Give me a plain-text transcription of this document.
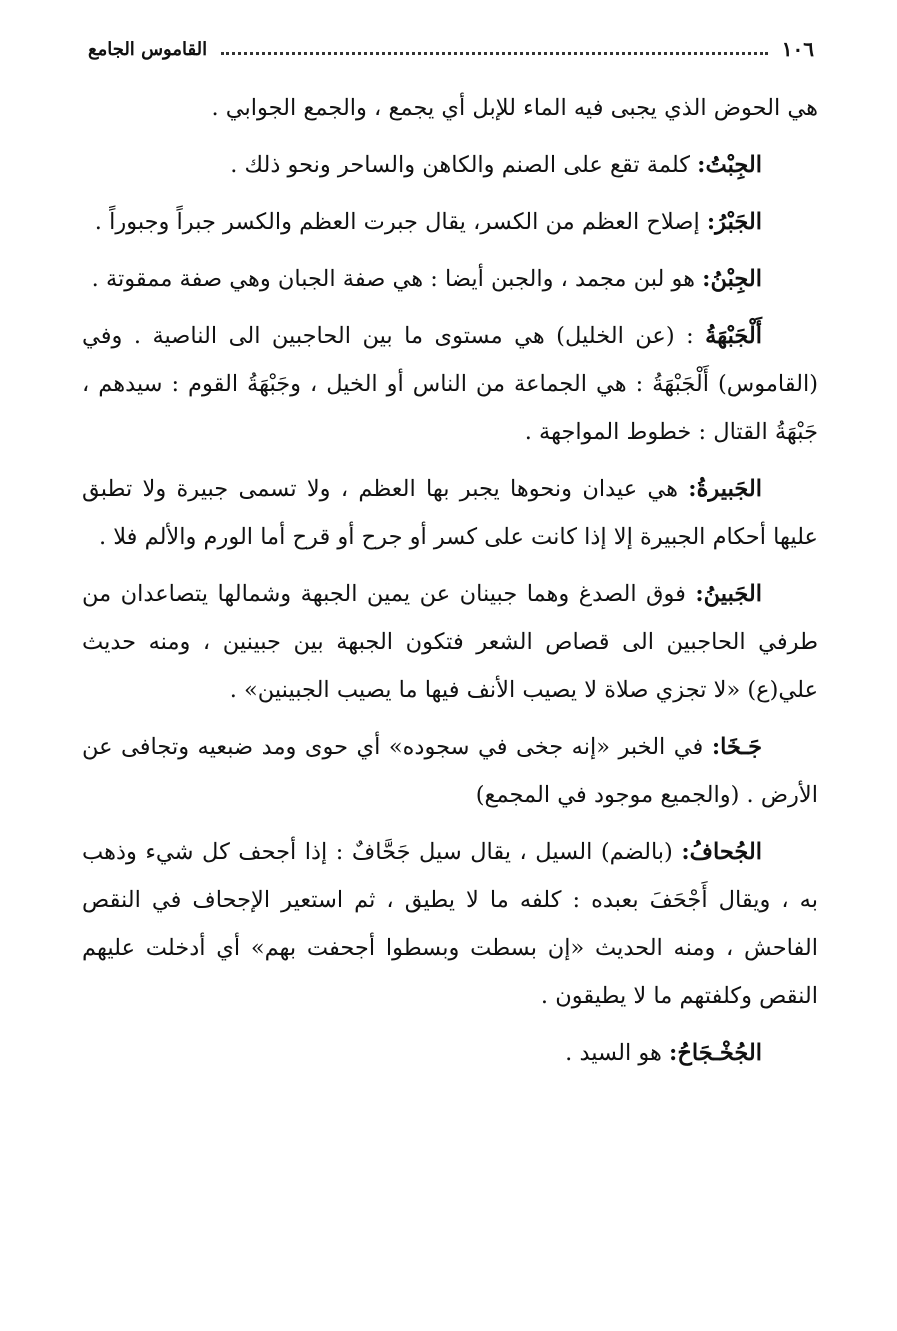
١٠٦
القاموس الجامع

هي الحوض الذي يجبى فيه الماء للإبل أي يجمع ، والجمع الجوابي .

الجِبْتُ: كلمة تقع على الصنم والكاهن والساحر ونحو ذلك .

الجَبْرُ: إصلاح العظم من الكسر، يقال جبرت العظم والكسر جبراً وجبوراً .

الجِبْنُ: هو لبن مجمد ، والجبن أيضا : هي صفة الجبان وهي صفة ممقوتة .

أَلْجَبْهَةُ : (عن الخليل) هي مستوى ما بين الحاجبين الى الناصية . وفي (القاموس) أَلْجَبْهَةُ : هي الجماعة من الناس أو الخيل ، وجَبْهَةُ القوم : سيدهم ، جَبْهَةُ القتال : خطوط المواجهة .

الجَبيرةُ: هي عيدان ونحوها يجبر بها العظم ، ولا تسمى جبيرة ولا تطبق عليها أحكام الجبيرة إلا إذا كانت على كسر أو جرح أو قرح أما الورم والألم فلا .

الجَبينُ: فوق الصدغ وهما جبينان عن يمين الجبهة وشمالها يتصاعدان من طرفي الحاجبين الى قصاص الشعر فتكون الجبهة بين جبينين ، ومنه حديث علي(ع) «لا تجزي صلاة لا يصيب الأنف فيها ما يصيب الجبينين» .

جَـخَا: في الخبر «إنه جخى في سجوده» أي حوى ومد ضبعيه وتجافى عن الأرض . (والجميع موجود في المجمع)

الجُحافُ: (بالضم) السيل ، يقال سيل جَحَّافٌ : إذا أجحف كل شيء وذهب به ، ويقال أَجْحَفَ بعبده : كلفه ما لا يطيق ، ثم استعير الإجحاف في النقص الفاحش ، ومنه الحديث «إن بسطت وبسطوا أجحفت بهم» أي أدخلت عليهم النقص وكلفتهم ما لا يطيقون .

الجُخْـجَاحُ: هو السيد .
